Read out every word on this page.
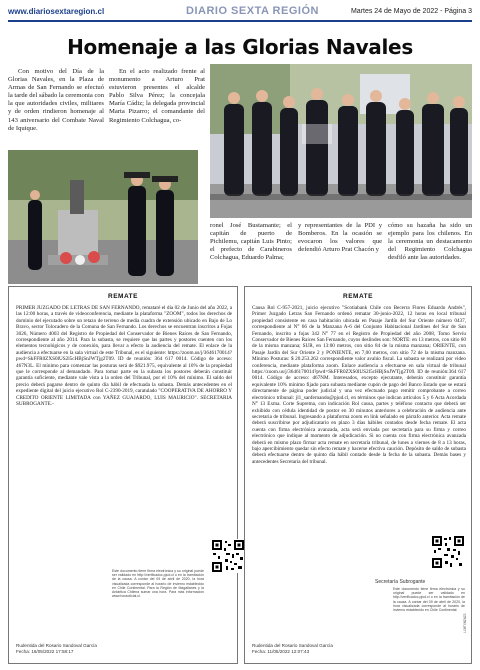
www.diariosextaregion.cl	DIARIO SEXTA REGIÓN	Martes 24 de Mayo de 2022 - Página 3
Homenaje a las Glorias Navales

Con motivo del Día de la Glorias Navales, en la Plaza de Armas de San Fernando se efectuó la tarde del sábado la ceremonia con la que autoridades civiles, militares y de orden rindieron homenaje al 143 aniversario del Combate Naval de Iquique.

En el acto realizado frente al monumento a Arturo Prat estuvieron presentes el alcalde Pablo Silva Pérez; la concejala María Cádiz; la delegada provincial Marta Pizarro; el comandante del Regimiento Colchagua, co-

ronel José Bustamante; el capitán de puerto de Pichilemu, capitán Luis Pinto; el prefecto de Carabineros Colchagua, Eduardo Palma;

y representantes de la PDI y Bomberos. En la ocasión se evocaron los valores que defendió Arturo Prat Chacón y

cómo su hazaña ha sido un ejemplo para los chilenos. En la ceremonia un destacamento del Regimiento Colchagua desfiló ante las autoridades.

REMATE
PRIMER JUZGADO DE LETRAS DE SAN FERNANDO, remataré el día 02 de Junio del año 2022, a las 12:00 horas, a través de videoconferencia, mediante la plataforma "ZOOM", todos los derechos de dominio del ejecutado sobre un retazo de terreno de media cuadra de extensión ubicado en Bajo de Lo Bravo, sector Tolocadero de la Comuna de San Fernando. Los derechos se encuentran inscritos a Fojas 3026, Número 4003 del Registro de Propiedad del Conservador de Bienes Raíces de San Fernando, correspondiente al año 2014. Para la subasta, se requiere que las partes y postores cuenten con los elementos tecnológicos y de conexión, para llevar a efecto la audiencia del remate. El enlace de la audiencia a efectuarse en la sala virtual de este Tribunal, es el siguiente: https://zoom.us/j/3646170014?pwd=SkFFR0ZXS0lUS2l5cHBjSnJWTjg2T09. ID de reunión: 364 617 0014. Código de acceso: 467N3L. El mínimo para comenzar las posturas será de $921.975, equivalente al 10% de la propiedad que le corresponde al demandado. Para tomar parte en la subasta los postores deberán constituir garantía suficiente, mediante vale vista a la orden del Tribunal, por el 10% del mínimo. El saldo del precio deberá pagarse dentro de quinto día hábil de efectuada la subasta. Demás antecedentes en el expediente digital del juicio ejecutivo Rol C-2390-2019, caratulado "COOPERATIVA DE AHORRO Y CREDITO ORIENTE LIMITADA con YAÑEZ GUAJARDO, LUIS MAURICIO". SECRETARIA SUBROGANTE.-
Este documento tiene firma electrónica y su original puede ser validado en http://verificadoc.pjud.cl o en la tramitación de la causa. A contar del 09 de abril de 2020, la hora visualizada corresponde al horario de invierno establecido en Chile Continental. Para la Región de Magallanes y la Antártica Chilena sumar una hora. Para más información www.horaoficial.cl.
Rudentida del Rosario Sandoval García
Fecha: 16/05/2022 17:58:17
REMATE
Causa Rol C-957-2021, juicio ejecutivo "Scotiabank Chile con Becerra Flores Eduardo Andrés", Primer Juzgado Letras San Fernando ordenó rematar 30-junio-2022, 12 horas en local tribunal propiedad consistente en casa habitación ubicada en Pasaje Jardín del Sur Oriente número 0437, correspondiente al N° 66 de la Manzana A-6 del Conjunto Habitacional Jardines del Sur de San Fernando, inscrito a fojas 342 N° 77 en el Registro de Propiedad del año 2008, Tomo Servíu Conservador de Bienes Raíces San Fernando, cuyos deslindes son: NORTE: en 13 metros, con sitio 60 de la misma manzana; SUR, en 13:00 metros, con sitio 84 de la misma manzana; ORIENTE, con Pasaje Jardín del Sur Oriente 2 y PONIENTE, en 7,00 metros, con sitio 72 de la misma manzana. Mínimo Posturas: $ 20.253.262 correspondiente valor avalúo fiscal. La subasta se realizará por video conferencia, mediante plataforma zoom. Enlace audiencia a efectuarse en sala virtual de tribunal https://zoom.us/j/3646170014?pwd=SkFFR0ZXS0lUS2l5cHBjSnJWTjg2T09. ID de reunión:364 617 0014. Código de acceso: d67NM. Interesados, excepto ejecutante, deberán constituir garantía equivalente 10% mínimo fijado para subasta mediante cupón de pago del Banco Estado que se estará directamente de página poder judicial y una vez efectuado pago remitir comprobante a correo electrónico tribunal: jl1_sanfernando@pjud.cl, en términos que indican artículos 5 y 6 Acta Acordada N° 13 Exma. Corte Suprema, con indicación Rol causa, partes y teléfono contacto que deberá ser exhibido con cédula identidad de postor en 30 minutos anteriores a celebración de audiencia ante secretaria de tribunal. Ingresando a plataforma zoom en link señalado en párrafo anterior. Acta remate deberá suscribirse por adjudicatario en plazo 3 días hábiles contados desde fecha remate. El acta cuenta con firma electrónica avanzada, acta será enviada por secretaría para su firma y correo electrónico que indique al momento de adjudicación. Si no cuenta con firma electrónica avanzada deberá en mismo plazo firmar acta remate en secretaría tribunal, de lunes a viernes de 8 a 13 horas, bajo apercibimiento quedar sin efecto remate y hacerse efectiva caución. Depósito de saldo de subasta deberá efectuarse dentro de quinto día hábil contado desde la fecha de la subasta. Demás bases y antecedentes Secretaria del tribunal.
Secretaría Subrogante
Este documento tiene firma electrónica y su original puede ser validado en http://verificadoc.pjud.cl o en la tramitación de la causa. A contar del 09 de abril de 2020, la hora visualizada corresponde al horario de invierno establecido en Chile Continental.
Rudentida del Rosario Sandoval García
Fecha: 11/05/2022 12:07:43
LCHTXNZWZC
